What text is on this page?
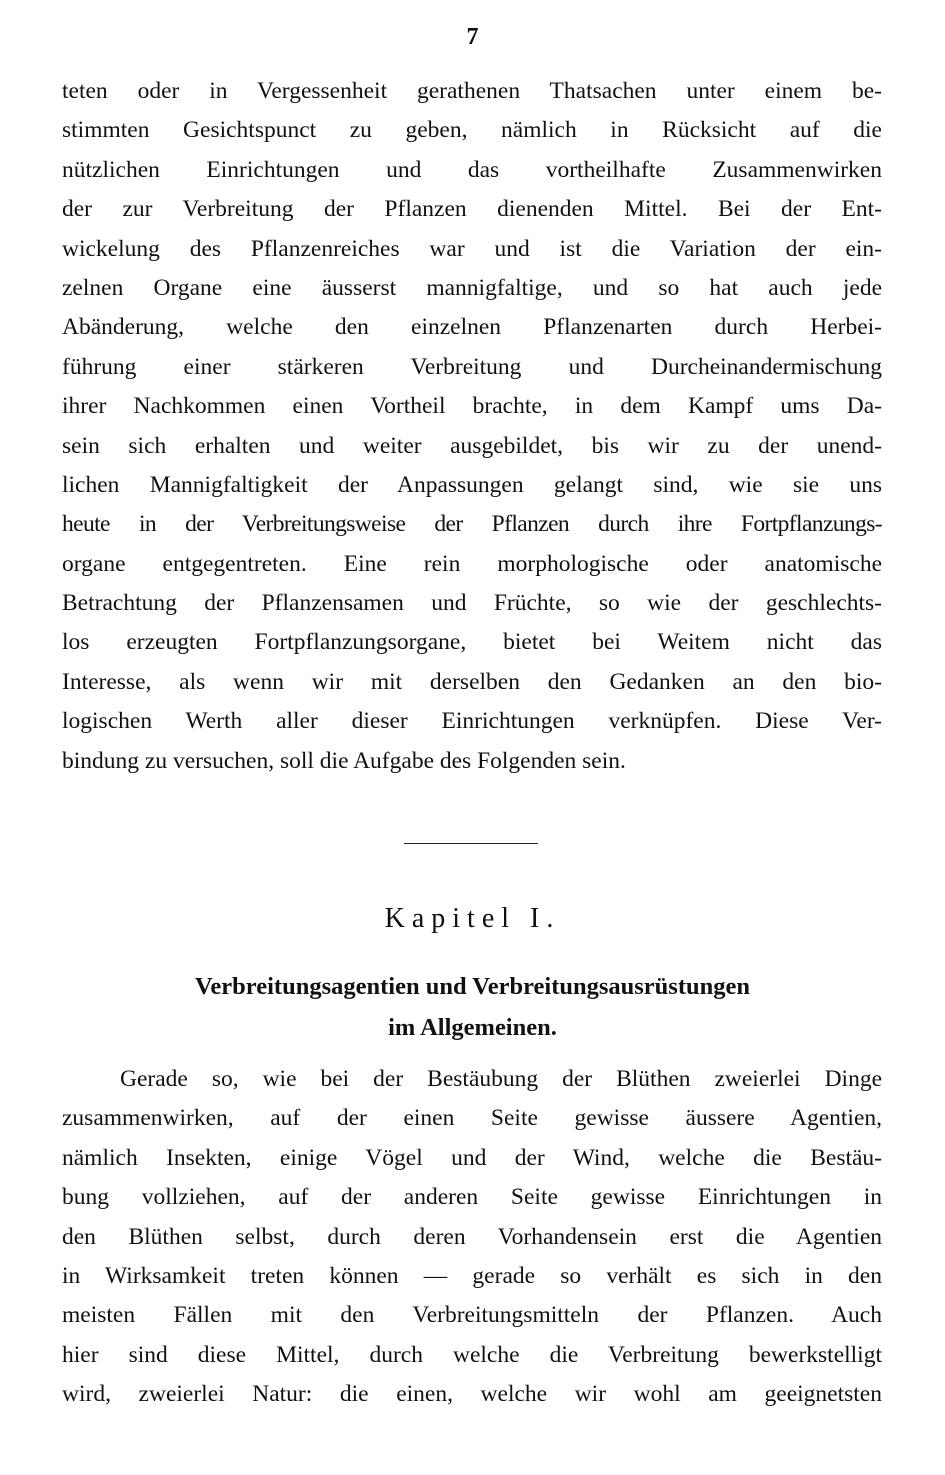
7
teten oder in Vergessenheit gerathenen Thatsachen unter einem be-
stimmten Gesichtspunct zu geben, nämlich in Rücksicht auf die
nützlichen Einrichtungen und das vortheilhafte Zusammenwirken
der zur Verbreitung der Pflanzen dienenden Mittel. Bei der Ent-
wickelung des Pflanzenreiches war und ist die Variation der ein-
zelnen Organe eine äusserst mannigfaltige, und so hat auch jede
Abänderung, welche den einzelnen Pflanzenarten durch Herbei-
führung einer stärkeren Verbreitung und Durcheinandermischung
ihrer Nachkommen einen Vortheil brachte, in dem Kampf ums Da-
sein sich erhalten und weiter ausgebildet, bis wir zu der unend-
lichen Mannigfaltigkeit der Anpassungen gelangt sind, wie sie uns
heute in der Verbreitungsweise der Pflanzen durch ihre Fortpflanzungs-
organe entgegentreten. Eine rein morphologische oder anatomische
Betrachtung der Pflanzensamen und Früchte, so wie der geschlechts-
los erzeugten Fortpflanzungsorgane, bietet bei Weitem nicht das
Interesse, als wenn wir mit derselben den Gedanken an den bio-
logischen Werth aller dieser Einrichtungen verknüpfen. Diese Ver-
bindung zu versuchen, soll die Aufgabe des Folgenden sein.
Kapitel I.
Verbreitungsagentien und Verbreitungsausrüstungen
im Allgemeinen.
Gerade so, wie bei der Bestäubung der Blüthen zweierlei Dinge
zusammenwirken, auf der einen Seite gewisse äussere Agentien,
nämlich Insekten, einige Vögel und der Wind, welche die Bestäu-
bung vollziehen, auf der anderen Seite gewisse Einrichtungen in
den Blüthen selbst, durch deren Vorhandensein erst die Agentien
in Wirksamkeit treten können — gerade so verhält es sich in den
meisten Fällen mit den Verbreitungsmitteln der Pflanzen. Auch
hier sind diese Mittel, durch welche die Verbreitung bewerkstelligt
wird, zweierlei Natur: die einen, welche wir wohl am geeignetsten
